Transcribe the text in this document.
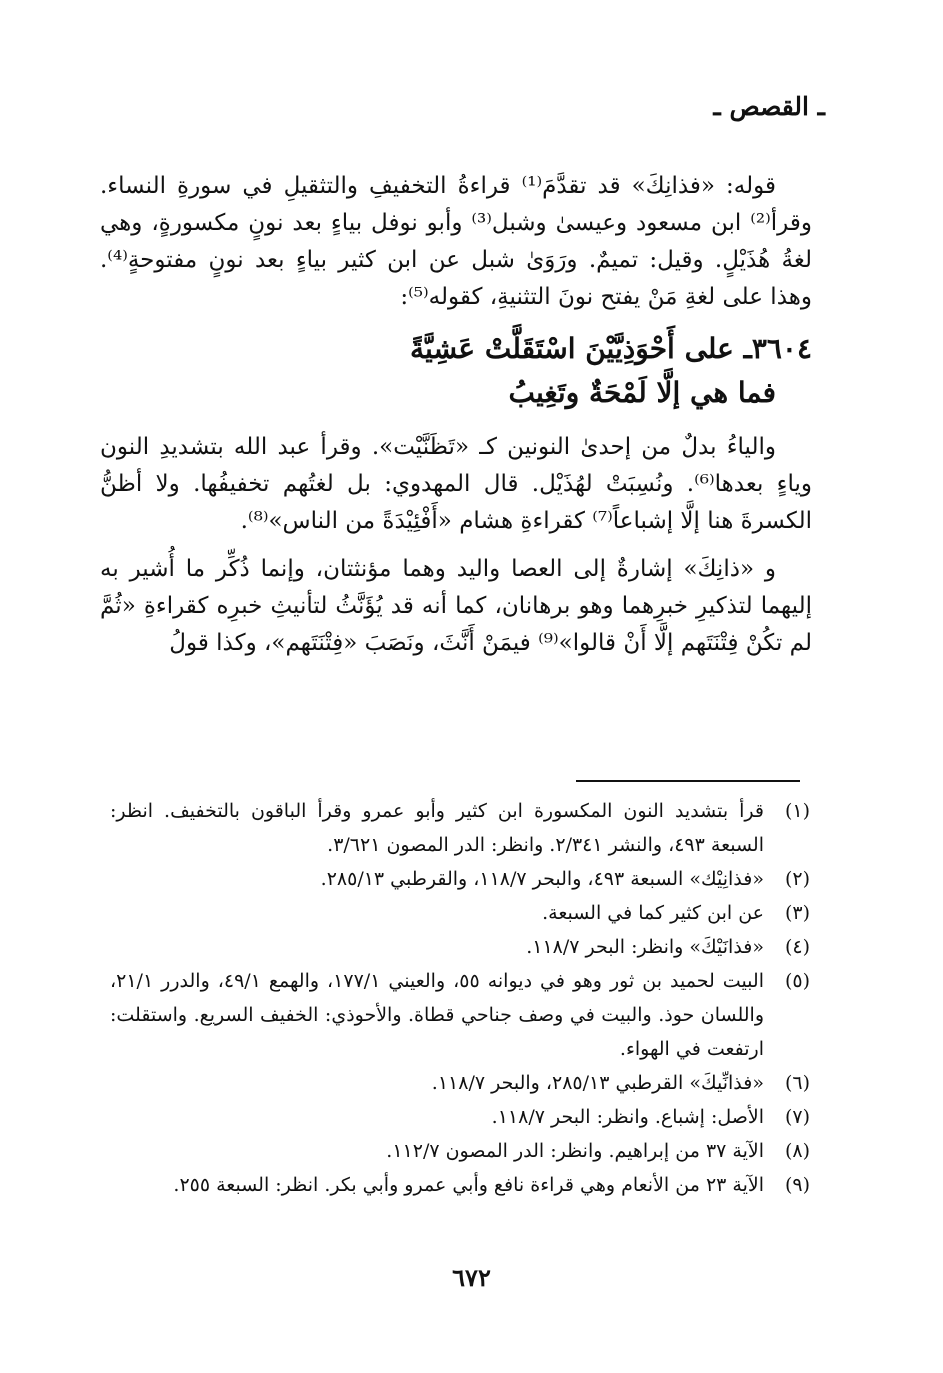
ـ القصص ـ

قوله: «فذانِكَ» قد تقدَّمَ⁽¹⁾ قراءةُ التخفيفِ والتثقيلِ في سورةِ النساء. وقرأ⁽²⁾ ابن مسعود وعيسىٰ وشبل⁽³⁾ وأبو نوفل بياءٍ بعد نونٍ مكسورةٍ، وهي لغةُ هُذَيْلٍ. وقيل: تميمٌ. ورَوَىٰ شبل عن ابن كثير بياءٍ بعد نونٍ مفتوحةٍ⁽⁴⁾. وهذا على لغةِ مَنْ يفتح نونَ التثنيةِ، كقوله⁽⁵⁾:

٣٦٠٤ـ على أَحْوَذِيَّيْنَ اسْتَقَلَّتْ عَشِيَّةً
فما هي إلَّا لَمْحَةٌ وتَغِيبُ

والياءُ بدلٌ من إحدىٰ النونين كـ «تَظَنَّيْت». وقرأ عبد الله بتشديدِ النون وياءٍ بعدها⁽⁶⁾. ونُسِبَتْ لهُذَيْل. قال المهدوي: بل لغتُهم تخفيفُها. ولا أظنُّ الكسرةَ هنا إلَّا إشباعاً⁽⁷⁾ كقراءةِ هشام «أَفْئِيْدَةً من الناس»⁽⁸⁾.

و «ذانِكَ» إشارةٌ إلى العصا واليد وهما مؤنثتان، وإنما ذُكِّر ما أُشير به إليهما لتذكيرِ خبرِهما وهو برهانان، كما أنه قد يُؤَنَّثُ لتأنيثِ خبرِه كقراءةِ «ثُمَّ لم تكُنْ فِتْنَتَهم إلَّا أَنْ قالوا»⁽⁹⁾ فيمَنْ أَنَّثَ، ونَصَبَ «فِتْنَتَهم»، وكذا قولُ

(١)
قرأ بتشديد النون المكسورة ابن كثير وأبو عمرو وقرأ الباقون بالتخفيف. انظر: السبعة ٤٩٣، والنشر ٢/٣٤١. وانظر: الدر المصون ٣/٦٢١.
(٢)
«فذانِيْك» السبعة ٤٩٣، والبحر ١١٨/٧، والقرطبي ٢٨٥/١٣.
(٣)
عن ابن كثير كما في السبعة.
(٤)
«فذانَيْكَ» وانظر: البحر ١١٨/٧.
(٥)
البيت لحميد بن ثور وهو في ديوانه ٥٥، والعيني ١٧٧/١، والهمع ٤٩/١، والدرر ٢١/١، واللسان حوذ. والبيت في وصف جناحي قطاة. والأحوذي: الخفيف السريع. واستقلت: ارتفعت في الهواء.
(٦)
«فذانِّيكَ» القرطبي ٢٨٥/١٣، والبحر ١١٨/٧.
(٧)
الأصل: إشباع. وانظر: البحر ١١٨/٧.
(٨)
الآية ٣٧ من إبراهيم. وانظر: الدر المصون ١١٢/٧.
(٩)
الآية ٢٣ من الأنعام وهي قراءة نافع وأبي عمرو وأبي بكر. انظر: السبعة ٢٥٥.
٦٧٢
